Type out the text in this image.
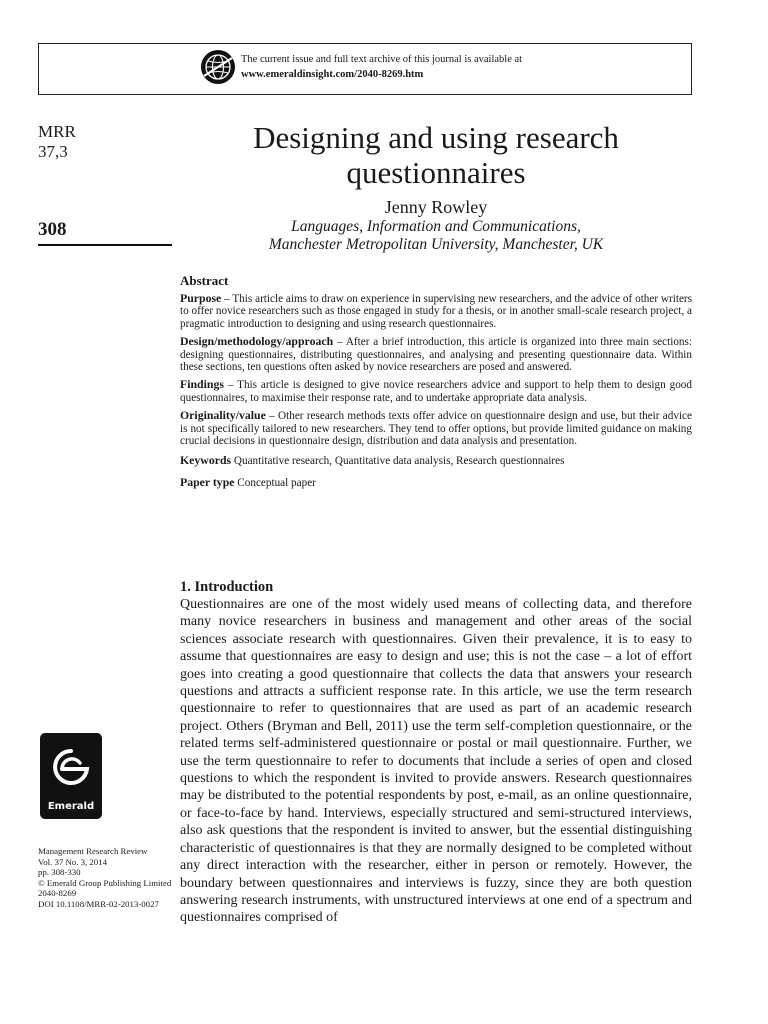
The current issue and full text archive of this journal is available at
www.emeraldinsight.com/2040-8269.htm
MRR
37,3
308
Designing and using research questionnaires
Jenny Rowley
Languages, Information and Communications,
Manchester Metropolitan University, Manchester, UK
Abstract

Purpose – This article aims to draw on experience in supervising new researchers, and the advice of other writers to offer novice researchers such as those engaged in study for a thesis, or in another small-scale research project, a pragmatic introduction to designing and using research questionnaires.

Design/methodology/approach – After a brief introduction, this article is organized into three main sections: designing questionnaires, distributing questionnaires, and analysing and presenting questionnaire data. Within these sections, ten questions often asked by novice researchers are posed and answered.

Findings – This article is designed to give novice researchers advice and support to help them to design good questionnaires, to maximise their response rate, and to undertake appropriate data analysis.

Originality/value – Other research methods texts offer advice on questionnaire design and use, but their advice is not specifically tailored to new researchers. They tend to offer options, but provide limited guidance on making crucial decisions in questionnaire design, distribution and data analysis and presentation.

Keywords Quantitative research, Quantitative data analysis, Research questionnaires

Paper type Conceptual paper

1. Introduction
Questionnaires are one of the most widely used means of collecting data, and therefore many novice researchers in business and management and other areas of the social sciences associate research with questionnaires. Given their prevalence, it is to easy to assume that questionnaires are easy to design and use; this is not the case – a lot of effort goes into creating a good questionnaire that collects the data that answers your research questions and attracts a sufficient response rate. In this article, we use the term research questionnaire to refer to questionnaires that are used as part of an academic research project. Others (Bryman and Bell, 2011) use the term self-completion questionnaire, or the related terms self-administered questionnaire or postal or mail questionnaire. Further, we use the term questionnaire to refer to documents that include a series of open and closed questions to which the respondent is invited to provide answers. Research questionnaires may be distributed to the potential respondents by post, e-mail, as an online questionnaire, or face-to-face by hand. Interviews, especially structured and semi-structured interviews, also ask questions that the respondent is invited to answer, but the essential distinguishing characteristic of questionnaires is that they are normally designed to be completed without any direct interaction with the researcher, either in person or remotely. However, the boundary between questionnaires and interviews is fuzzy, since they are both question answering research instruments, with unstructured interviews at one end of a spectrum and questionnaires comprised of
Emerald
Management Research Review
Vol. 37 No. 3, 2014
pp. 308-330
© Emerald Group Publishing Limited
2040-8269
DOI 10.1108/MRR-02-2013-0027
